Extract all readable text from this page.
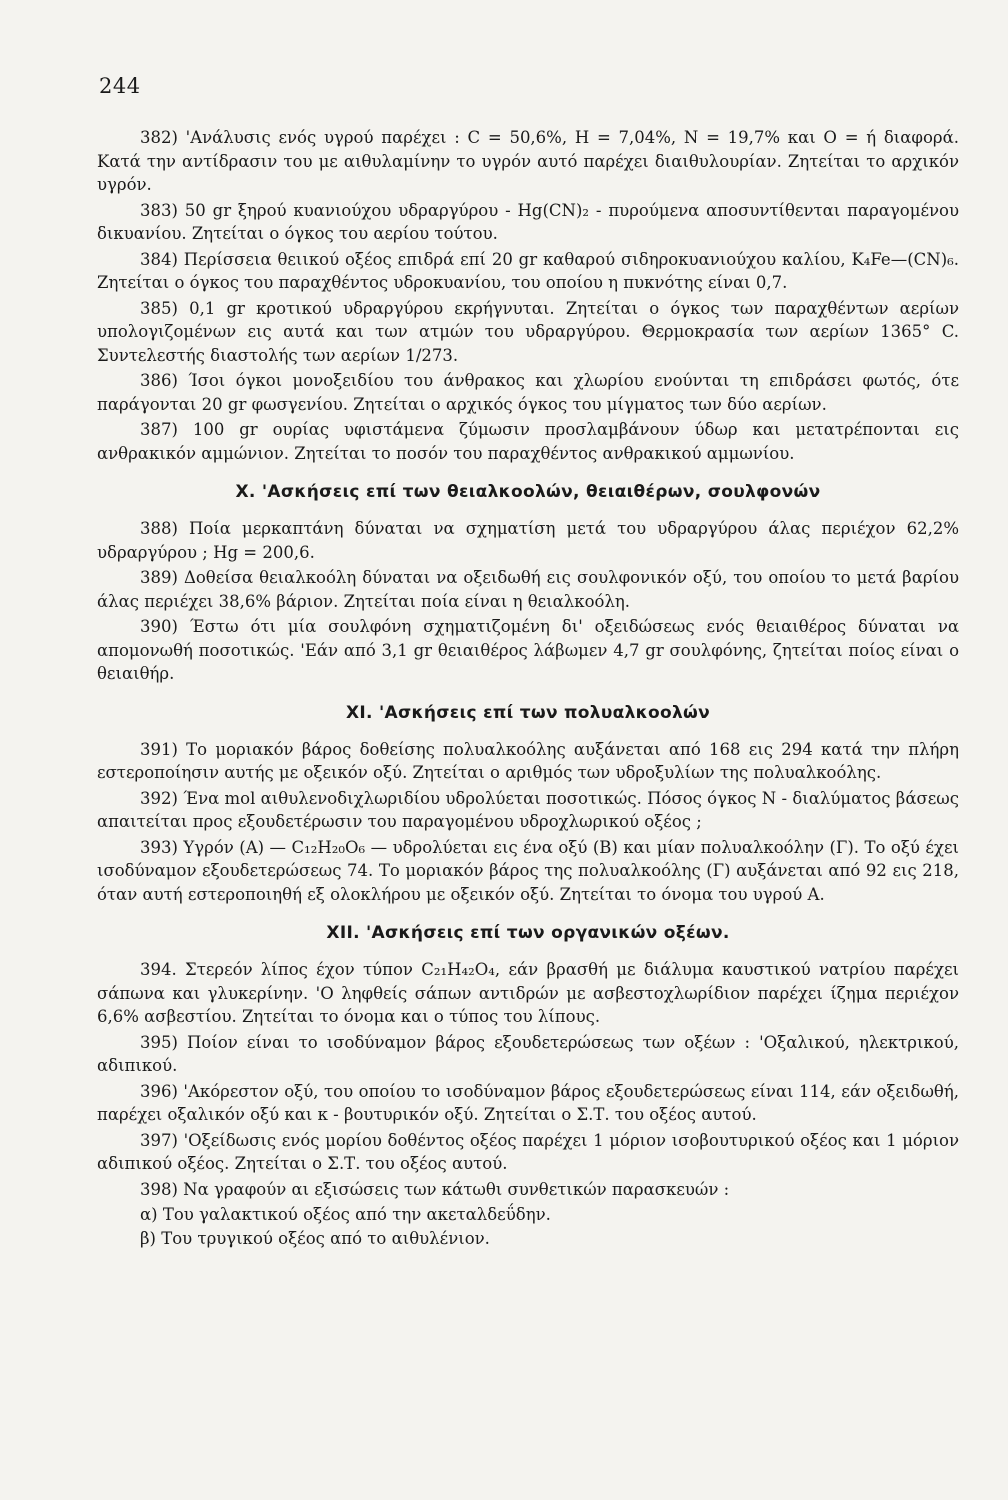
244

382) 'Ανάλυσις ενός υγρού παρέχει : C = 50,6%, H = 7,04%, N = 19,7% και O = ή διαφορά. Κατά την αντίδρασιν του με αιθυλαμίνην το υγρόν αυτό παρέχει διαιθυλουρίαν. Ζητείται το αρχικόν υγρόν.

383) 50 gr ξηρού κυανιούχου υδραργύρου - Hg(CN)₂ - πυρούμενα αποσυντίθενται παραγομένου δικυανίου. Ζητείται ο όγκος του αερίου τούτου.

384) Περίσσεια θειικού οξέος επιδρά επί 20 gr καθαρού σιδηροκυανιούχου καλίου, K₄Fe—(CN)₆. Ζητείται ο όγκος του παραχθέντος υδροκυανίου, του οποίου η πυκνότης είναι 0,7.

385) 0,1 gr κροτικού υδραργύρου εκρήγνυται. Ζητείται ο όγκος των παραχθέντων αερίων υπολογιζομένων εις αυτά και των ατμών του υδραργύρου. Θερμοκρασία των αερίων 1365° C. Συντελεστής διαστολής των αερίων 1/273.

386) Ίσοι όγκοι μονοξειδίου του άνθρακος και χλωρίου ενούνται τη επιδράσει φωτός, ότε παράγονται 20 gr φωσγενίου. Ζητείται ο αρχικός όγκος του μίγματος των δύο αερίων.

387) 100 gr ουρίας υφιστάμενα ζύμωσιν προσλαμβάνουν ύδωρ και μετατρέπονται εις ανθρακικόν αμμώνιον. Ζητείται το ποσόν του παραχθέντος ανθρακικού αμμωνίου.

X. 'Ασκήσεις επί των θειαλκοολών, θειαιθέρων, σουλφονών

388) Ποία μερκαπτάνη δύναται να σχηματίση μετά του υδραργύρου άλας περιέχον 62,2% υδραργύρου ; Hg = 200,6.

389) Δοθείσα θειαλκοόλη δύναται να οξειδωθή εις σουλφονικόν οξύ, του οποίου το μετά βαρίου άλας περιέχει 38,6% βάριον. Ζητείται ποία είναι η θειαλκοόλη.

390) Έστω ότι μία σουλφόνη σχηματιζομένη δι' οξειδώσεως ενός θειαιθέρος δύναται να απομονωθή ποσοτικώς. 'Εάν από 3,1 gr θειαιθέρος λάβωμεν 4,7 gr σουλφόνης, ζητείται ποίος είναι ο θειαιθήρ.

XI. 'Ασκήσεις επί των πολυαλκοολών

391) Το μοριακόν βάρος δοθείσης πολυαλκοόλης αυξάνεται από 168 εις 294 κατά την πλήρη εστεροποίησιν αυτής με οξεικόν οξύ. Ζητείται ο αριθμός των υδροξυλίων της πολυαλκοόλης.

392) Ένα mol αιθυλενοδιχλωριδίου υδρολύεται ποσοτικώς. Πόσος όγκος N - διαλύματος βάσεως απαιτείται προς εξουδετέρωσιν του παραγομένου υδροχλωρικού οξέος ;

393) Υγρόν (A) — C₁₂H₂₀O₆ — υδρολύεται εις ένα οξύ (B) και μίαν πολυαλκοόλην (Γ). Το οξύ έχει ισοδύναμον εξουδετερώσεως 74. Το μοριακόν βάρος της πολυαλκοόλης (Γ) αυξάνεται από 92 εις 218, όταν αυτή εστεροποιηθή εξ ολοκλήρου με οξεικόν οξύ. Ζητείται το όνομα του υγρού A.

XII. 'Ασκήσεις επί των οργανικών οξέων.

394. Στερεόν λίπος έχον τύπον C₂₁H₄₂O₄, εάν βρασθή με διάλυμα καυστικού νατρίου παρέχει σάπωνα και γλυκερίνην. 'Ο ληφθείς σάπων αντιδρών με ασβεστοχλωρίδιον παρέχει ίζημα περιέχον 6,6% ασβεστίου. Ζητείται το όνομα και ο τύπος του λίπους.

395) Ποίον είναι το ισοδύναμον βάρος εξουδετερώσεως των οξέων : 'Οξαλικού, ηλεκτρικού, αδιπικού.

396) 'Ακόρεστον οξύ, του οποίου το ισοδύναμον βάρος εξουδετερώσεως είναι 114, εάν οξειδωθή, παρέχει οξαλικόν οξύ και κ - βουτυρικόν οξύ. Ζητείται ο Σ.Τ. του οξέος αυτού.

397) 'Οξείδωσις ενός μορίου δοθέντος οξέος παρέχει 1 μόριον ισοβουτυρικού οξέος και 1 μόριον αδιπικού οξέος. Ζητείται ο Σ.Τ. του οξέος αυτού.

398) Να γραφούν αι εξισώσεις των κάτωθι συνθετικών παρασκευών :

α) Του γαλακτικού οξέος από την ακεταλδεΰδην.

β) Του τρυγικού οξέος από το αιθυλένιον.
